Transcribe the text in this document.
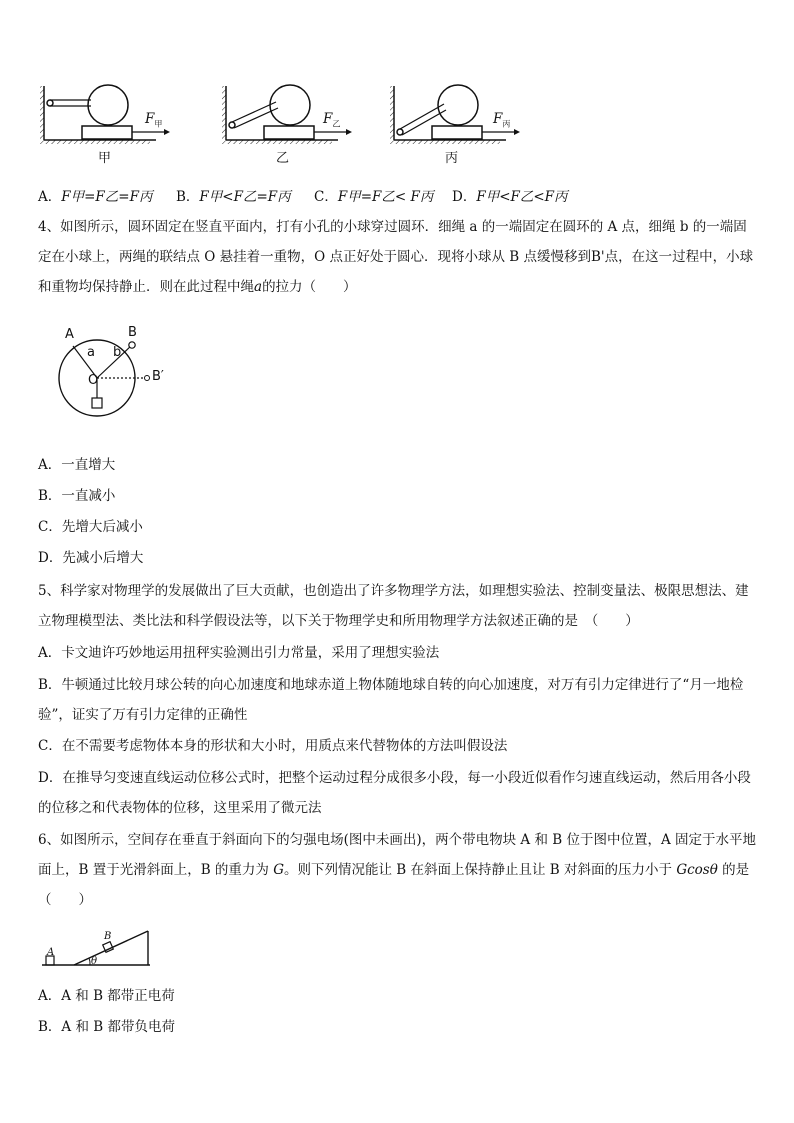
$F_甲$	$F_乙$	$F_丙$
甲	乙	丙
A．F甲=F乙=F丙 B．F甲<F乙=F丙 C．F甲=F乙< F丙 D．F甲<F乙<F丙
4、如图所示，圆环固定在竖直平面内，打有小孔的小球穿过圆环．细绳 a 的一端固定在圆环的 A 点，细绳 b 的一端固定在小球上，两绳的联结点 O 悬挂着一重物，O 点正好处于圆心．现将小球从 B 点缓慢移到B'点，在这一过程中，小球和重物均保持静止．则在此过程中绳a的拉力（　　）
A	B
a b
O	B′
A．一直增大
B．一直减小
C．先增大后减小
D．先减小后增大
5、科学家对物理学的发展做出了巨大贡献，也创造出了许多物理学方法，如理想实验法、控制变量法、极限思想法、建立物理模型法、类比法和科学假设法等，以下关于物理学史和所用物理学方法叙述正确的是　（　　）
A．卡文迪许巧妙地运用扭秤实验测出引力常量，采用了理想实验法
B．牛顿通过比较月球公转的向心加速度和地球赤道上物体随地球自转的向心加速度，对万有引力定律进行了“月一地检验”，证实了万有引力定律的正确性
C．在不需要考虑物体本身的形状和大小时，用质点来代替物体的方法叫假设法
D．在推导匀变速直线运动位移公式时，把整个运动过程分成很多小段，每一小段近似看作匀速直线运动，然后用各小段的位移之和代表物体的位移，这里采用了微元法
6、如图所示，空间存在垂直于斜面向下的匀强电场(图中未画出)，两个带电物块 A 和 B 位于图中位置，A 固定于水平地面上，B 置于光滑斜面上，B 的重力为 G。则下列情况能让 B 在斜面上保持静止且让 B 对斜面的压力小于 Gcosθ 的是（　　）
A
B
θ
A．A 和 B 都带正电荷
B．A 和 B 都带负电荷
